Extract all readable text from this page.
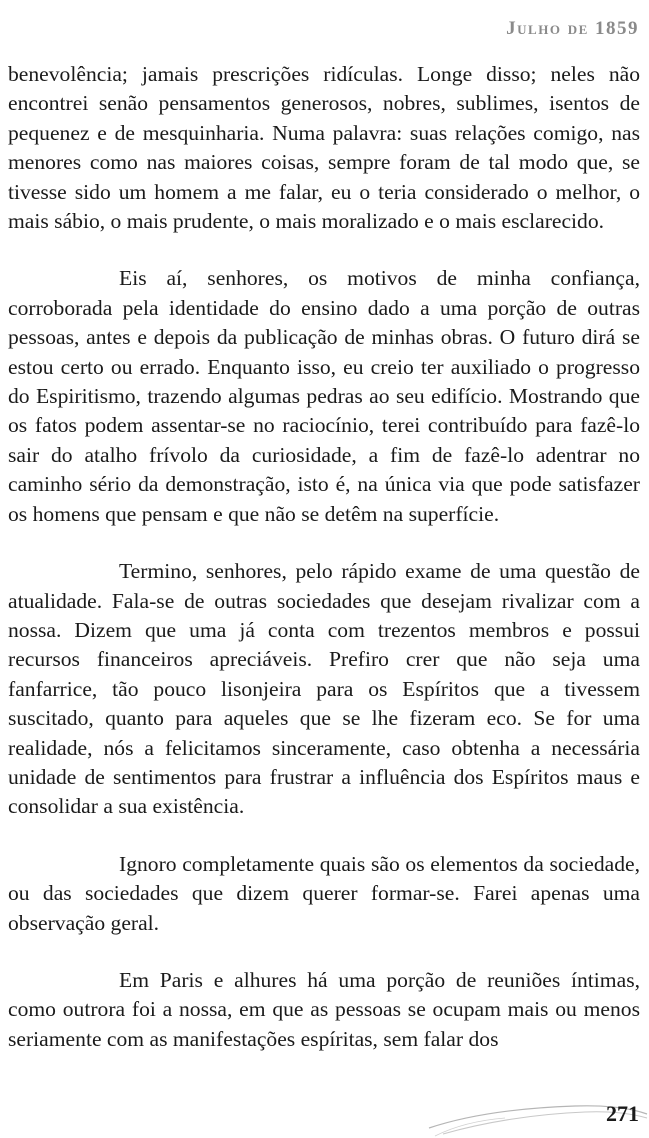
Julho de 1859

benevolência; jamais prescrições ridículas. Longe disso; neles não encontrei senão pensamentos generosos, nobres, sublimes, isentos de pequenez e de mesquinharia. Numa palavra: suas relações comigo, nas menores como nas maiores coisas, sempre foram de tal modo que, se tivesse sido um homem a me falar, eu o teria considerado o melhor, o mais sábio, o mais prudente, o mais moralizado e o mais esclarecido.

Eis aí, senhores, os motivos de minha confiança, corroborada pela identidade do ensino dado a uma porção de outras pessoas, antes e depois da publicação de minhas obras. O futuro dirá se estou certo ou errado. Enquanto isso, eu creio ter auxiliado o progresso do Espiritismo, trazendo algumas pedras ao seu edifício. Mostrando que os fatos podem assentar-se no raciocínio, terei contribuído para fazê-lo sair do atalho frívolo da curiosidade, a fim de fazê-lo adentrar no caminho sério da demonstração, isto é, na única via que pode satisfazer os homens que pensam e que não se detêm na superfície.

Termino, senhores, pelo rápido exame de uma questão de atualidade. Fala-se de outras sociedades que desejam rivalizar com a nossa. Dizem que uma já conta com trezentos membros e possui recursos financeiros apreciáveis. Prefiro crer que não seja uma fanfarrice, tão pouco lisonjeira para os Espíritos que a tivessem suscitado, quanto para aqueles que se lhe fizeram eco. Se for uma realidade, nós a felicitamos sinceramente, caso obtenha a necessária unidade de sentimentos para frustrar a influência dos Espíritos maus e consolidar a sua existência.

Ignoro completamente quais são os elementos da sociedade, ou das sociedades que dizem querer formar-se. Farei apenas uma observação geral.

Em Paris e alhures há uma porção de reuniões íntimas, como outrora foi a nossa, em que as pessoas se ocupam mais ou menos seriamente com as manifestações espíritas, sem falar dos

271
